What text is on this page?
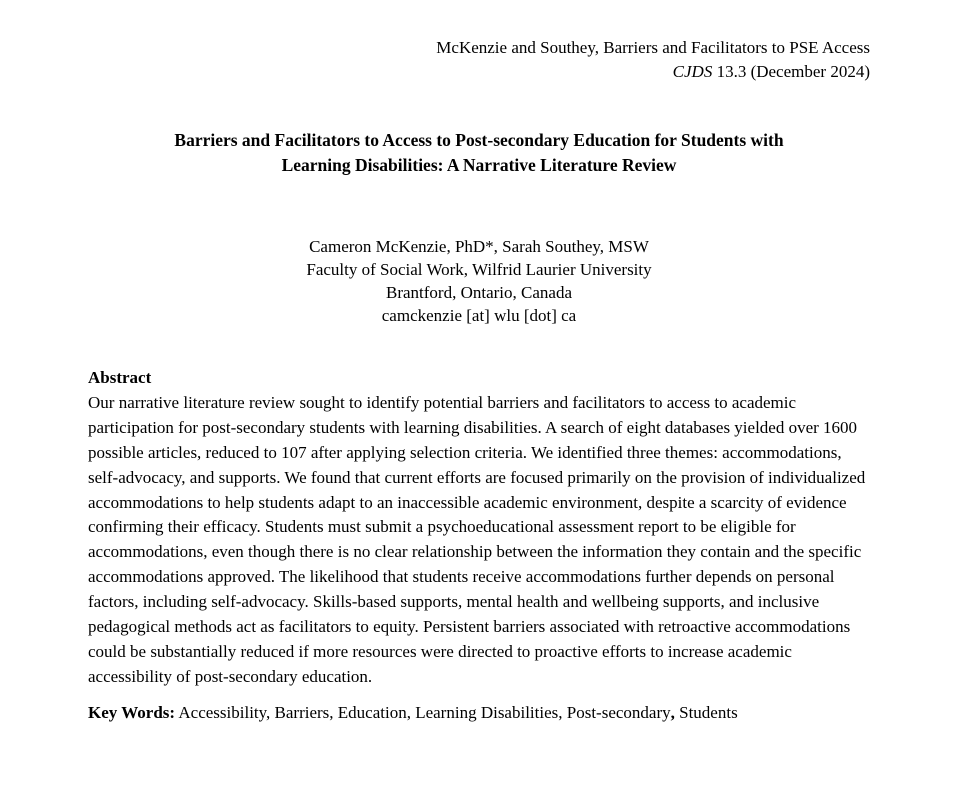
McKenzie and Southey, Barriers and Facilitators to PSE Access
CJDS 13.3 (December 2024)
Barriers and Facilitators to Access to Post-secondary Education for Students with
Learning Disabilities: A Narrative Literature Review
Cameron McKenzie, PhD*, Sarah Southey, MSW
Faculty of Social Work, Wilfrid Laurier University
Brantford, Ontario, Canada
camckenzie [at] wlu [dot] ca
Abstract

Our narrative literature review sought to identify potential barriers and facilitators to access to academic participation for post-secondary students with learning disabilities. A search of eight databases yielded over 1600 possible articles, reduced to 107 after applying selection criteria. We identified three themes: accommodations, self-advocacy, and supports. We found that current efforts are focused primarily on the provision of individualized accommodations to help students adapt to an inaccessible academic environment, despite a scarcity of evidence confirming their efficacy. Students must submit a psychoeducational assessment report to be eligible for accommodations, even though there is no clear relationship between the information they contain and the specific accommodations approved. The likelihood that students receive accommodations further depends on personal factors, including self-advocacy. Skills-based supports, mental health and wellbeing supports, and inclusive pedagogical methods act as facilitators to equity. Persistent barriers associated with retroactive accommodations could be substantially reduced if more resources were directed to proactive efforts to increase academic accessibility of post-secondary education.

Key Words: Accessibility, Barriers, Education, Learning Disabilities, Post-secondary, Students
